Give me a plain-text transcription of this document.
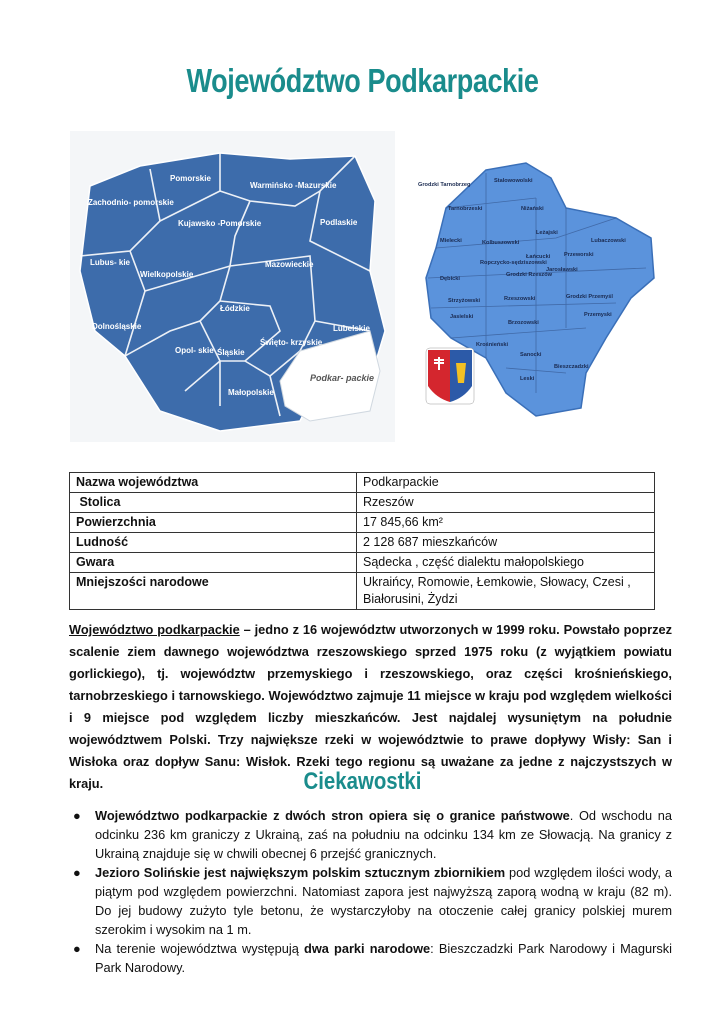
Województwo Podkarpackie
Pomorskie
Warmińsko -Mazurskie
Zachodnio- pomorskie
Kujawsko -Pomorskie	Podlaskie
Lubus- kie
Wielkopolskie
Mazowieckie
Łódzkie
Dolnośląskie	Lubelskie
Opol- skie Śląskie
Święto- krzyskie
Małopolskie
Podkar- packie
Grodzki Tarnobrzeg
Stalowowolski
Tarnobrzeski	Niżański
Mielecki
Leżajski
Kolbuszowski
Łańcucki
Lubaczowski
Ropczycko-sędziszowski
Dębicki
Grodzki Rzeszów
Jarosławski
Przeworski
Strzyżowski	Rzeszowski
Przemyski
Grodzki Przemyśl
Jasielski
Brzozowski
Krośnieński
Sanocki
Bieszczadzki
Leski
Nazwa województwa	Podkarpackie
Stolica	Rzeszów
Powierzchnia	17 845,66 km²
Ludność	2 128 687 mieszkańców
Gwara	Sądecka , część dialektu małopolskiego
Mniejszości narodowe	Ukraińcy, Romowie, Łemkowie, Słowacy, Czesi , Białorusini, Żydzi
Województwo podkarpackie – jedno z 16 województw utworzonych w 1999 roku. Powstało poprzez scalenie ziem dawnego województwa rzeszowskiego sprzed 1975 roku (z wyjątkiem powiatu gorlickiego), tj. województw przemyskiego i rzeszowskiego, oraz części krośnieńskiego, tarnobrzeskiego i tarnowskiego. Województwo zajmuje 11 miejsce w kraju pod względem wielkości i 9 miejsce pod względem liczby mieszkańców. Jest najdalej wysuniętym na południe województwem Polski. Trzy największe rzeki w województwie to prawe dopływy Wisły: San i Wisłoka oraz dopływ Sanu: Wisłok. Rzeki tego regionu są uważane za jedne z najczystszych w kraju.	Ciekawostki
● Województwo podkarpackie z dwóch stron opiera się o granice państwowe. Od wschodu na odcinku 236 km graniczy z Ukrainą, zaś na południu na odcinku 134 km ze Słowacją. Na granicy z Ukrainą znajduje się w chwili obecnej 6 przejść granicznych.
● Jezioro Solińskie jest największym polskim sztucznym zbiornikiem pod względem ilości wody, a piątym pod względem powierzchni. Natomiast zapora jest najwyższą zaporą wodną w kraju (82 m). Do jej budowy zużyto tyle betonu, że wystarczyłoby na otoczenie całej granicy polskiej murem szerokim i wysokim na 1 m.
● Na terenie województwa występują dwa parki narodowe: Bieszczadzki Park Narodowy i Magurski Park Narodowy.
